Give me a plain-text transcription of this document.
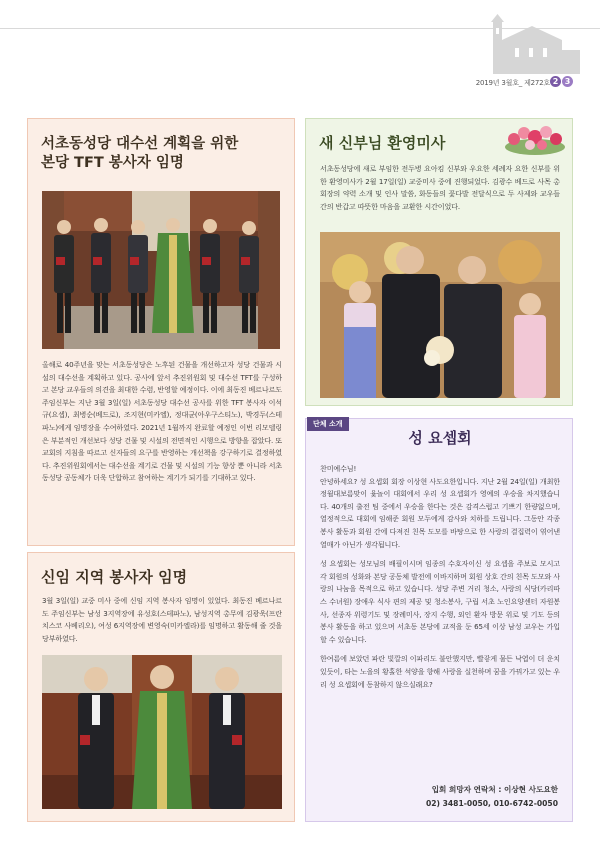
2019년 3월호_ 제272호 2 3
서초동성당 대수선 계획을 위한
본당 TFT 봉사자 임명
올해로 40주년을 맞는 서초동성당은 노후된 건물을 개선하고자 성당 건물과 시설의 대수선을 계획하고 있다. 공사에 앞서 추진위원회 및 대수선 TFT를 구성하고 본당 교우들의 의견을 최대한 수렴, 반영할 예정이다. 이에 최동진 베르나르도 주임신부는 지난 3월 3일(일) 서초동성당 대수선 공사를 위한 TFT 봉사자 이석규(요셉), 최병순(베드로), 조지현(미카엘), 정대균(아우구스티노), 박경두(스테파노)에게 임명장을 수여하였다. 2021년 1월까지 완료할 예정인 이번 리모델링은 부분적인 개선보다 성당 건물 및 시설의 전면적인 시행으로 방향을 잡았다. 또 교회의 지침을 따르고 신자들의 요구를 반영하는 개선책을 강구하기로 결정하였다. 추진위원회에서는 대수선을 계기로 건물 및 시설의 기능 향상 뿐 아니라 서초동성당 공동체가 더욱 단합하고 참여하는 계기가 되기를 기대하고 있다.
신임 지역 봉사자 임명
3월 3일(일) 교중 미사 중에 신임 지역 봉사자 임명이 있었다. 최동진 베르나르도 주임신부는 남성 3지역장에 유성호(스테파노), 남성지역 총무에 김광욱(프란치스코 사베리오), 여성 6지역장에 변영숙(미카엘라)를 임명하고 활동해 줄 것을 당부하였다.
새 신부님 환영미사
서초동성당에 새로 부임한 전두병 요아킴 신부와 우요한 세례자 요한 신부를 위한 환영미사가 2월 17일(일) 교중미사 중에 진행되었다. 김광수 베드로 사목 총회장의 약력 소개 및 인사 말씀, 화동들의 꽃다발 전달식으로 두 사제와 교우들 간의 반갑고 따뜻한 마음을 교환한 시간이었다.
성 요셉회

찬미예수님!

안녕하세요? 성 요셉회 회장 이상현 사도요한입니다. 지난 2월 24일(일) 개최한 정월대보름맞이 윷놀이 대회에서 우리 성 요셉회가 영예의 우승을 차지했습니다. 40개의 출전 팀 중에서 우승을 한다는 것은 감격스럽고 기쁘기 한량없으며, 열정적으로 대회에 임해준 회원 모두에게 감사와 치하를 드립니다. 그동안 각종 봉사 활동과 회원 간에 다져진 친목 도모를 바탕으로 한 사랑의 결집력이 엮어낸 열매가 아닌가 생각됩니다.

성 요셉회는 성모님의 배필이시며 임종의 수호자이신 성 요셉을 주보로 모시고 각 회원의 성화와 본당 공동체 발전에 이바지하며 회원 상호 간의 친목 도모와 사랑의 나눔을 목적으로 하고 있습니다. 성당 주변 거리 청소, 사랑의 식당(카리따스 수녀원) 장애우 식사 편의 제공 및 청소봉사, 구립 서초 노인요양센터 자원봉사, 선종자 위령기도 및 장례미사, 장지 수행, 외인 환자 방문 위로 및 기도 등의 봉사 활동을 하고 있으며 서초동 본당에 교적을 둔 65세 이상 남성 교우는 가입할 수 있습니다.

한여름에 보았던 파란 빛깔의 이파리도 불안했지만, 빨갛게 물든 낙엽이 더 운치 있듯이, 타는 노을의 황홀한 석양을 향해 사랑을 실천하며 꿈을 가꿔가고 있는 우리 성 요셉회에 동참하지 않으실래요?

입회 희망자 연락처 : 이상현 사도요한
02) 3481-0050, 010-6742-0050
단체 소개
